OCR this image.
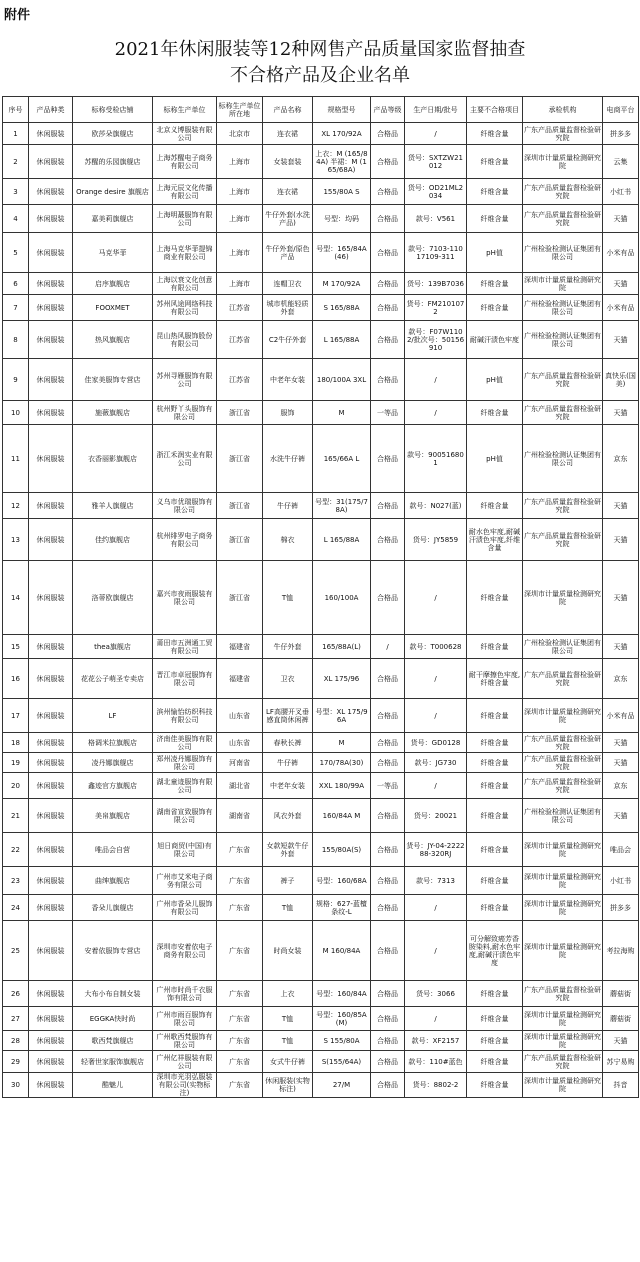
附件
2021年休闲服装等12种网售产品质量国家监督抽查
不合格产品及企业名单
序号	产品种类	标称受检店铺	标称生产单位	标称生产单位所在地	产品名称	规格型号	产品等级	生产日期/批号	主要不合格项目	承检机构	电商平台
1	休闲服装	欧莎朵旗舰店	北京义博服装有限公司	北京市	连衣裙	XL 170/92A	合格品	/	纤维含量	广东产品质量监督检验研究院	拼多多
2	休闲服装	苏醒的乐园旗舰店	上海苏醒电子商务有限公司	上海市	女装套装	上衣：M (165/84A) 半裙：M (165/68A)	合格品	货号：SXTZW21012	纤维含量	深圳市计量质量检测研究院	云集
3	休闲服装	Orange desire 旗舰店	上海元辰文化传播有限公司	上海市	连衣裙	155/80A S	合格品	货号：OD21ML2034	纤维含量	广东产品质量监督检验研究院	小红书
4	休闲服装	嘉美莉旗舰店	上海明蕞服饰有限公司	上海市	牛仔外套(水洗产品)	号型：均码	合格品	款号：V561	纤维含量	广东产品质量监督检验研究院	天猫
5	休闲服装	马克华菲	上海马克华菲提锦商业有限公司	上海市	牛仔外套/原色产品	号型：165/84A(46)	合格品	款号：7103-11017109-311	pH值	广州检验检测认证集团有限公司	小米有品
6	休闲服装	启序旗舰店	上海以衰文化创意有限公司	上海市	连帽卫衣	M 170/92A	合格品	货号：139B7036	纤维含量	深圳市计量质量检测研究院	天猫
7	休闲服装	FOOXMET	苏州风途网络科技有限公司	江苏省	城市机能轻质外套	S 165/88A	合格品	货号：FM2101072	纤维含量	广州检验检测认证集团有限公司	小米有品
8	休闲服装	热风旗舰店	昆山热风服饰股份有限公司	江苏省	C2牛仔外套	L 165/88A	合格品	款号：F07W1102/批次号：50156910	耐碱汗渍色牢度	广州检验检测认证集团有限公司	天猫
9	休闲服装	佳家美服饰专营店	苏州寻雁服饰有限公司	江苏省	中老年女装	180/100A 3XL	合格品	/	pH值	广东产品质量监督检验研究院	真快乐(国美)
10	休闲服装	施薇旗舰店	杭州野丫头服饰有限公司	浙江省	服饰	M	一等品	/	纤维含量	广东产品质量监督检验研究院	天猫
11	休闲服装	衣香丽影旗舰店	浙江禾润实业有限公司	浙江省	水洗牛仔裤	165/66A L	合格品	款号：900516801	pH值	广州检验检测认证集团有限公司	京东
12	休闲服装	雅羊人旗舰店	义乌市优瑞服饰有限公司	浙江省	牛仔裤	号型：31(175/78A)	合格品	款号：N027(蓝)	纤维含量	广东产品质量监督检验研究院	天猫
13	休闲服装	佳约旗舰店	杭州绯罗电子商务有限公司	浙江省	棉衣	L 165/88A	合格品	货号：JY5859	耐水色牢度,耐碱汗渍色牢度,纤维含量	广东产品质量监督检验研究院	天猫
14	休闲服装	洛蒂欧旗舰店	嘉兴市夜雨服装有限公司	浙江省	T恤	160/100A	合格品	/	纤维含量	深圳市计量质量检测研究院	天猫
15	休闲服装	thea旗舰店	莆田市五洲通工贸有限公司	福建省	牛仔外套	165/88A(L)	/	款号：T000628	纤维含量	广州检验检测认证集团有限公司	天猫
16	休闲服装	花花公子萌圣专卖店	晋江市卓冠服饰有限公司	福建省	卫衣	XL 175/96	合格品	/	耐干摩擦色牢度,纤维含量	广东产品质量监督检验研究院	京东
17	休闲服装	LF	滨州愉怡纺织科技有限公司	山东省	LF高腰开叉垂感直筒休闲裤	号型：XL 175/96A	合格品	/	纤维含量	深圳市计量质量检测研究院	小米有品
18	休闲服装	格调米拉旗舰店	济南佳美服饰有限公司	山东省	春秋长裤	M	合格品	货号：GD0128	纤维含量	广东产品质量监督检验研究院	天猫
19	休闲服装	凌丹娜旗舰店	郑州凌丹娜服饰有限公司	河南省	牛仔裤	170/78A(30)	合格品	款号：JG730	纤维含量	广东产品质量监督检验研究院	天猫
20	休闲服装	鑫迹官方旗舰店	湖北童迹服饰有限公司	湖北省	中老年女装	XXL 180/99A	一等品	/	纤维含量	广东产品质量监督检验研究院	京东
21	休闲服装	美帛旗舰店	湖南省宣致服饰有限公司	湖南省	风衣外套	160/84A M	合格品	货号：20021	纤维含量	广州检验检测认证集团有限公司	天猫
22	休闲服装	唯品会自营	旭日商贸(中国)有限公司	广东省	女款短款牛仔外套	155/80A(S)	合格品	货号：JY-04-222288-320RJ	纤维含量	深圳市计量质量检测研究院	唯品会
23	休闲服装	曲绅旗舰店	广州市艾米电子商务有限公司	广东省	裤子	号型：160/68A	合格品	款号：7313	纤维含量	深圳市计量质量检测研究院	小红书
24	休闲服装	香朵儿旗舰店	广州市香朵儿服饰有限公司	广东省	T恤	规格：627-蓝檀条纹-L	合格品	/	纤维含量	深圳市计量质量检测研究院	拼多多
25	休闲服装	安着依服饰专营店	深圳市安着依电子商务有限公司	广东省	时尚女装	M 160/84A	合格品	/	可分解致癌芳香胺染料,耐水色牢度,耐碱汗渍色牢度	深圳市计量质量检测研究院	考拉海购
26	休闲服装	大布小布自制女装	广州市时尚千衣服饰有限公司	广东省	上衣	号型：160/84A	合格品	货号：3066	纤维含量	广东产品质量监督检验研究院	蘑菇街
27	休闲服装	EGGKA快时尚	广州市雨百服饰有限公司	广东省	T恤	号型：160/85A(M)	合格品	/	纤维含量	深圳市计量质量检测研究院	蘑菇街
28	休闲服装	歌西梵旗舰店	广州歌西梵服饰有限公司	广东省	T恤	S 155/80A	合格品	款号：XF2157	纤维含量	深圳市计量质量检测研究院	天猫
29	休闲服装	轻奢世家服饰旗舰店	广州亿祥服装有限公司	广东省	女式牛仔裤	S(155/64A)	合格品	款号：110#蓝色	纤维含量	广东产品质量监督检验研究院	苏宁易购
30	休闲服装	酷魅儿	深圳市光羽弘服装有限公司(实物标注)	广东省	休闲服装(实物标注)	27/M	合格品	货号：8802-2	纤维含量	深圳市计量质量检测研究院	抖音
